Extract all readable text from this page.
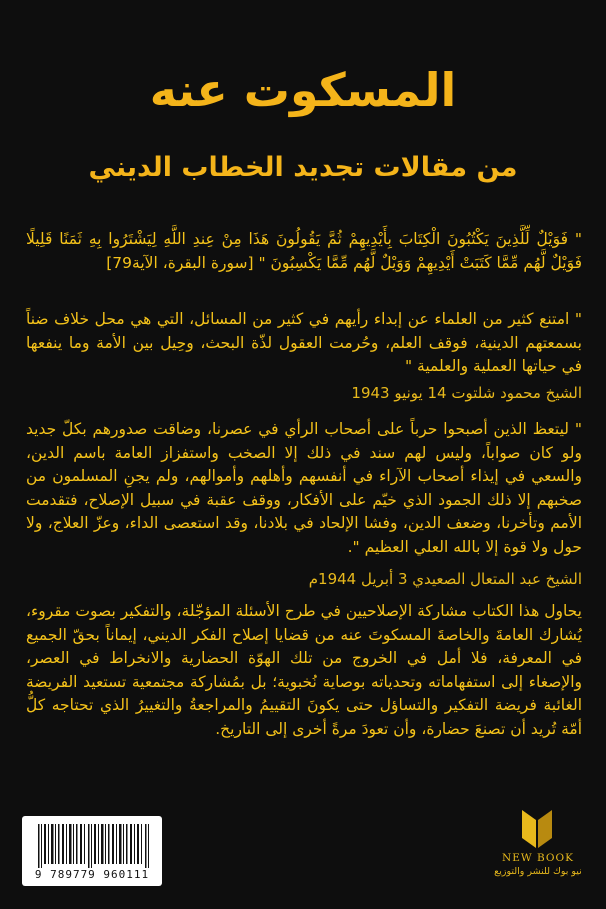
المسكوت عنه
من مقالات تجديد الخطاب الديني
" فَوَيْلٌ لِّلَّذِينَ يَكْتُبُونَ الْكِتَابَ بِأَيْدِيهِمْ ثُمَّ يَقُولُونَ هَذَا مِنْ عِندِ اللَّهِ لِيَشْتَرُوا بِهِ ثَمَنًا قَلِيلًا فَوَيْلٌ لَّهُم مِّمَّا كَتَبَتْ أَيْدِيهِمْ وَوَيْلٌ لَّهُم مِّمَّا يَكْسِبُونَ " [سورة البقرة، الآية79]
" امتنع كثير من العلماء عن إبداء رأيهم في كثير من المسائل، التي هي محل خلاف ضناً بسمعتهم الدينية، فوقف العلم، وحُرمت العقول لذّة البحث، وحِيل بين الأمة وما ينفعها في حياتها العملية والعلمية "
الشيخ محمود شلتوت 14 يونيو 1943
" ليتعظ الذين أصبحوا حرباً على أصحاب الرأي في عصرنا، وضاقت صدورهم بكلّ جديد ولو كان صواباً، وليس لهم سند في ذلك إلا الصخب واستفزاز العامة باسم الدين، والسعي في إيذاء أصحاب الآراء في أنفسهم وأهلهم وأموالهم، ولم يجنِ المسلمون من صخبهم إلا ذلك الجمود الذي خيّم على الأفكار، ووقف عقبة في سبيل الإصلاح، فتقدمت الأمم وتأخرنا، وضعف الدين، وفشا الإلحاد في بلادنا، وقد استعصى الداء، وعزّ العلاج، ولا حول ولا قوة إلا بالله العلي العظيم ".
الشيخ عبد المتعال الصعيدي 3 أبريل 1944م
يحاول هذا الكتاب مشاركة الإصلاحيين في طرح الأسئلة المؤجّلة، والتفكير بصوت مقروء، يُشارك العامةَ والخاصةَ المسكوتَ عنه من قضايا إصلاح الفكر الديني، إيماناً بحقّ الجميع في المعرفة، فلا أمل في الخروج من تلك الهوّة الحضارية والانخراط في العصر، والإصغاء إلى استفهاماته وتحدياته بوصاية نُخبوية؛ بل بمُشاركة مجتمعية تستعيد الفريضة الغائبة فريضة التفكير والتساؤل حتى يكونَ التقييمُ والمراجعةُ والتغييرُ الذي تحتاجه كلُّ أمّة تُريد أن تصنعَ حضارة، وأن تعودَ مرةً أخرى إلى التاريخ.
9 789779 960111
NEW BOOK
نيو بوك للنشر والتوزيع
